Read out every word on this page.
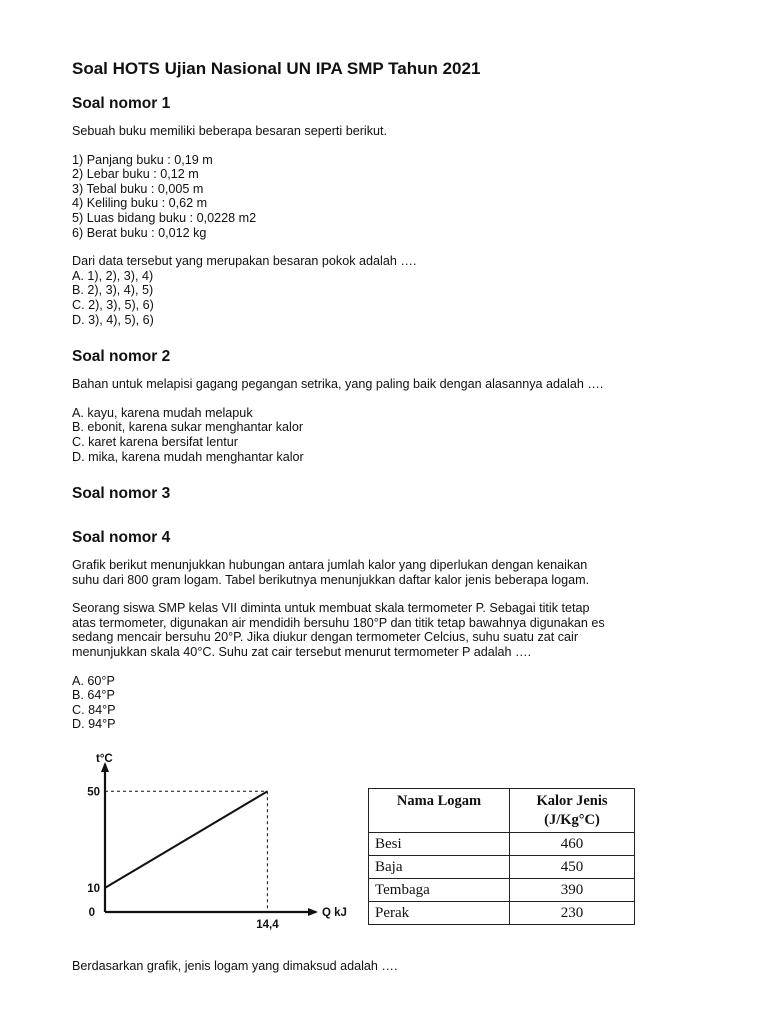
Soal HOTS Ujian Nasional UN IPA SMP Tahun 2021
Soal nomor 1

Sebuah buku memiliki beberapa besaran seperti berikut.

1) Panjang buku : 0,19 m

2) Lebar buku : 0,12 m

3) Tebal buku : 0,005 m

4) Keliling buku : 0,62 m

5) Luas bidang buku : 0,0228 m2

6) Berat buku : 0,012 kg

Dari data tersebut yang merupakan besaran pokok adalah ….

A. 1), 2), 3), 4)

B. 2), 3), 4), 5)

C. 2), 3), 5), 6)

D. 3), 4), 5), 6)

Soal nomor 2

Bahan untuk melapisi gagang pegangan setrika, yang paling baik dengan alasannya adalah ….

A. kayu, karena mudah melapuk

B. ebonit, karena sukar menghantar kalor

C. karet karena bersifat lentur

D. mika, karena mudah menghantar kalor

Soal nomor 3
Soal nomor 4

Grafik berikut menunjukkan hubungan antara jumlah kalor yang diperlukan dengan kenaikan

suhu dari 800 gram logam. Tabel berikutnya menunjukkan daftar kalor jenis beberapa logam.

Seorang siswa SMP kelas VII diminta untuk membuat skala termometer P. Sebagai titik tetap

atas termometer, digunakan air mendidih bersuhu 180°P dan titik tetap bawahnya digunakan es

sedang mencair bersuhu 20°P. Jika diukur dengan termometer Celcius, suhu suatu zat cair

menunjukkan skala 40°C. Suhu zat cair tersebut menurut termometer P adalah ….

A. 60°P

B. 64°P

C. 84°P

D. 94°P

t°C
Q kJ
0
10
50
14,4
Nama Logam	Kalor Jenis
(J/Kg°C)

Besi	460
Baja	450
Tembaga	390
Perak	230

Berdasarkan grafik, jenis logam yang dimaksud adalah ….
